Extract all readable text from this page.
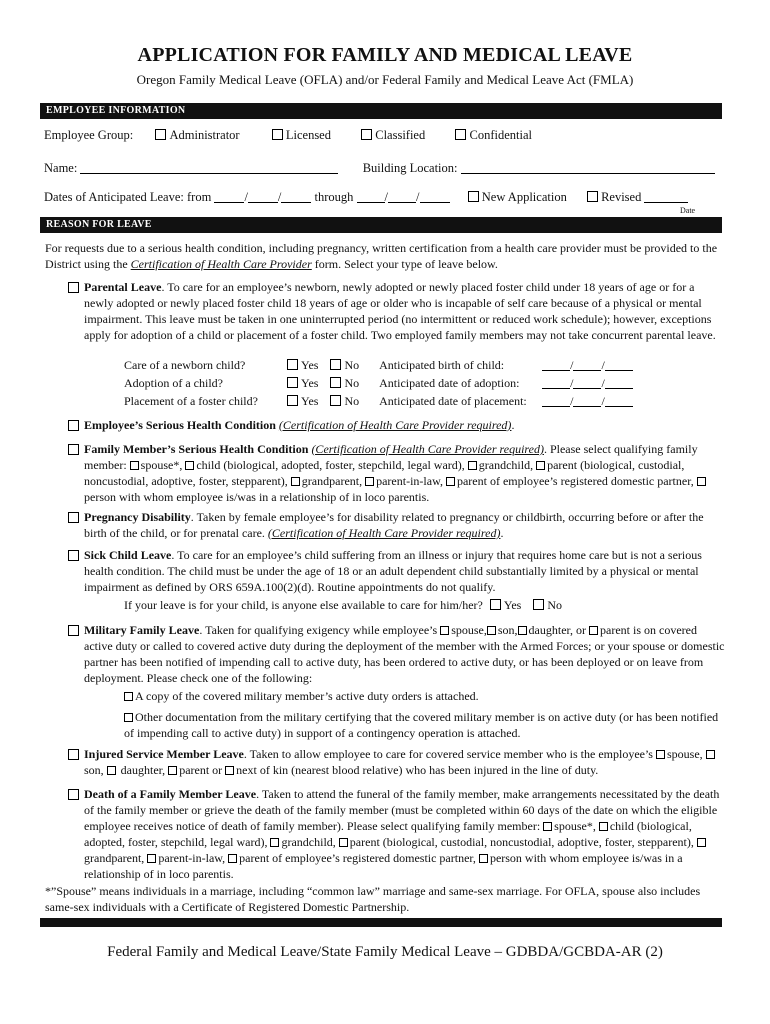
APPLICATION FOR FAMILY AND MEDICAL LEAVE
Oregon Family Medical Leave (OFLA) and/or Federal Family and Medical Leave Act (FMLA)
EMPLOYEE INFORMATION
Employee Group:	Administrator	Licensed	Classified	Confidential
Name:	Building Location:
Dates of Anticipated Leave: from	/ /	through / /	New Application	Revised
Date
REASON FOR LEAVE
For requests due to a serious health condition, including pregnancy, written certification from a health care provider must be provided to the District using the Certification of Health Care Provider form. Select your type of leave below.
Parental Leave. To care for an employee’s newborn, newly adopted or newly placed foster child under 18 years of age or for a newly adopted or newly placed foster child 18 years of age or older who is incapable of self care because of a physical or mental impairment. This leave must be taken in one uninterrupted period (no intermittent or reduced work schedule); however, exceptions apply for adoption of a child or placement of a foster child. Two employed family members may not take concurrent parental leave.
Care of a newborn child?	Yes No Anticipated birth of child:	/ /
Adoption of a child?	Yes No Anticipated date of adoption:	/ /
Placement of a foster child?	Yes No Anticipated date of placement:	/ /
Employee’s Serious Health Condition (Certification of Health Care Provider required).
Family Member’s Serious Health Condition (Certification of Health Care Provider required). Please select qualifying family member: spouse*, child (biological, adopted, foster, stepchild, legal ward), grandchild, parent (biological, custodial, noncustodial, adoptive, foster, stepparent), grandparent, parent-in-law, parent of employee’s registered domestic partner, person with whom employee is/was in a relationship of in loco parentis.
Pregnancy Disability. Taken by female employee’s for disability related to pregnancy or childbirth, occurring before or after the birth of the child, or for prenatal care. (Certification of Health Care Provider required).
Sick Child Leave. To care for an employee’s child suffering from an illness or injury that requires home care but is not a serious health condition. The child must be under the age of 18 or an adult dependent child substantially limited by a physical or mental impairment as defined by ORS 659A.100(2)(d). Routine appointments do not qualify.
If your leave is for your child, is anyone else available to care for him/her? Yes No
Military Family Leave. Taken for qualifying exigency while employee’s spouse, son, daughter, or parent is on covered active duty or called to covered active duty during the deployment of the member with the Armed Forces; or your spouse or domestic partner has been notified of impending call to active duty, has been ordered to active duty, or has been deployed or on leave from deployment. Please check one of the following:
A copy of the covered military member’s active duty orders is attached.
Other documentation from the military certifying that the covered military member is on active duty (or has been notified of impending call to active duty) in support of a contingency operation is attached.
Injured Service Member Leave. Taken to allow employee to care for covered service member who is the employee’s spouse, son,  daughter, parent or next of kin (nearest blood relative) who has been injured in the line of duty.
Death of a Family Member Leave. Taken to attend the funeral of the family member, make arrangements necessitated by the death of the family member or grieve the death of the family member (must be completed within 60 days of the date on which the eligible employee receives notice of death of family member). Please select qualifying family member: spouse*, child (biological, adopted, foster, stepchild, legal ward), grandchild, parent (biological, custodial, noncustodial, adoptive, foster, stepparent), grandparent, parent-in-law, parent of employee’s registered domestic partner, person with whom employee is/was in a relationship of in loco parentis.
*”Spouse” means individuals in a marriage, including “common law” marriage and same-sex marriage. For OFLA, spouse also includes same-sex individuals with a Certificate of Registered Domestic Partnership.
Federal Family and Medical Leave/State Family Medical Leave – GDBDA/GCBDA-AR (2)
